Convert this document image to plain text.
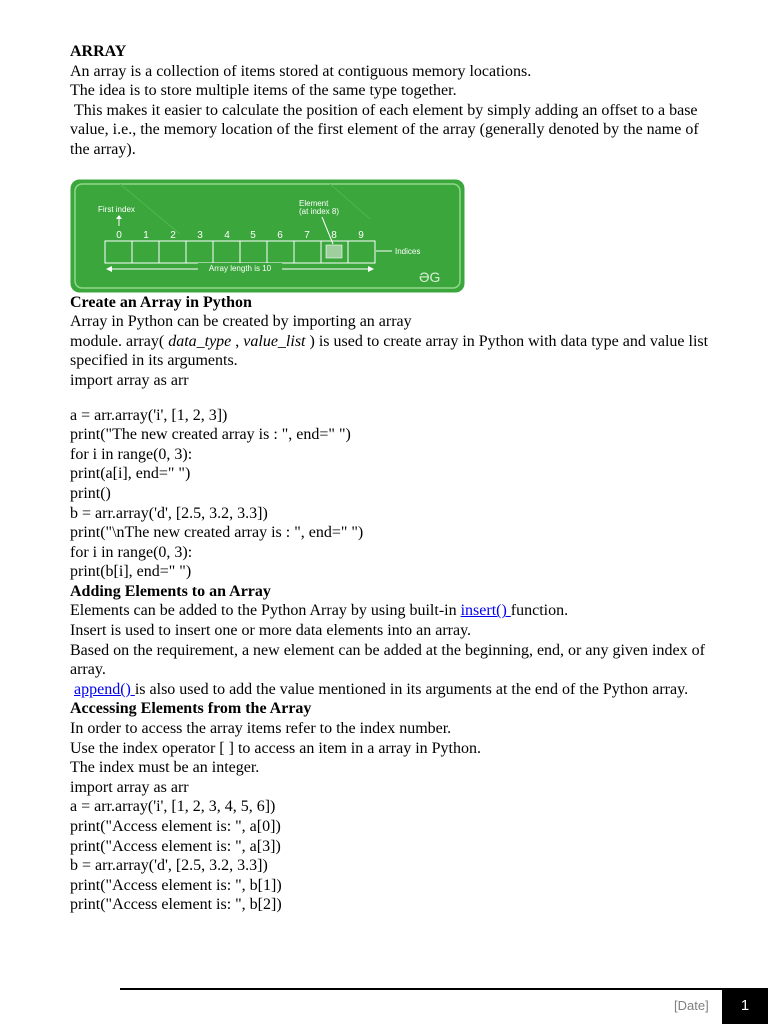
ARRAY
An array is a collection of items stored at contiguous memory locations.
The idea is to store multiple items of the same type together.
This makes it easier to calculate the position of each element by simply adding an offset to a base value, i.e., the memory location of the first element of the array (generally denoted by the name of the array).
First index
Element
(at index 8)
0 1 2 3 4 5 6 7 8 9
Indices
Array length is 10
ƏG
Create an Array in Python
Array in Python can be created by importing an array
module. array( data_type , value_list ) is used to create array in Python with data type and value list specified in its arguments.
import array as arr
a = arr.array('i', [1, 2, 3])
print("The new created array is : ", end=" ")
for i in range(0, 3):
print(a[i], end=" ")
print()
b = arr.array('d', [2.5, 3.2, 3.3])
print("\nThe new created array is : ", end=" ")
for i in range(0, 3):
print(b[i], end=" ")
Adding Elements to an Array
Elements can be added to the Python Array by using built-in insert() function.
Insert is used to insert one or more data elements into an array.
Based on the requirement, a new element can be added at the beginning, end, or any given index of array.
append() is also used to add the value mentioned in its arguments at the end of the Python array.
Accessing Elements from the Array
In order to access the array items refer to the index number.
Use the index operator [ ] to access an item in a array in Python.
The index must be an integer.
import array as arr
a = arr.array('i', [1, 2, 3, 4, 5, 6])
print("Access element is: ", a[0])
print("Access element is: ", a[3])
b = arr.array('d', [2.5, 3.2, 3.3])
print("Access element is: ", b[1])
print("Access element is: ", b[2])
[Date]	1
